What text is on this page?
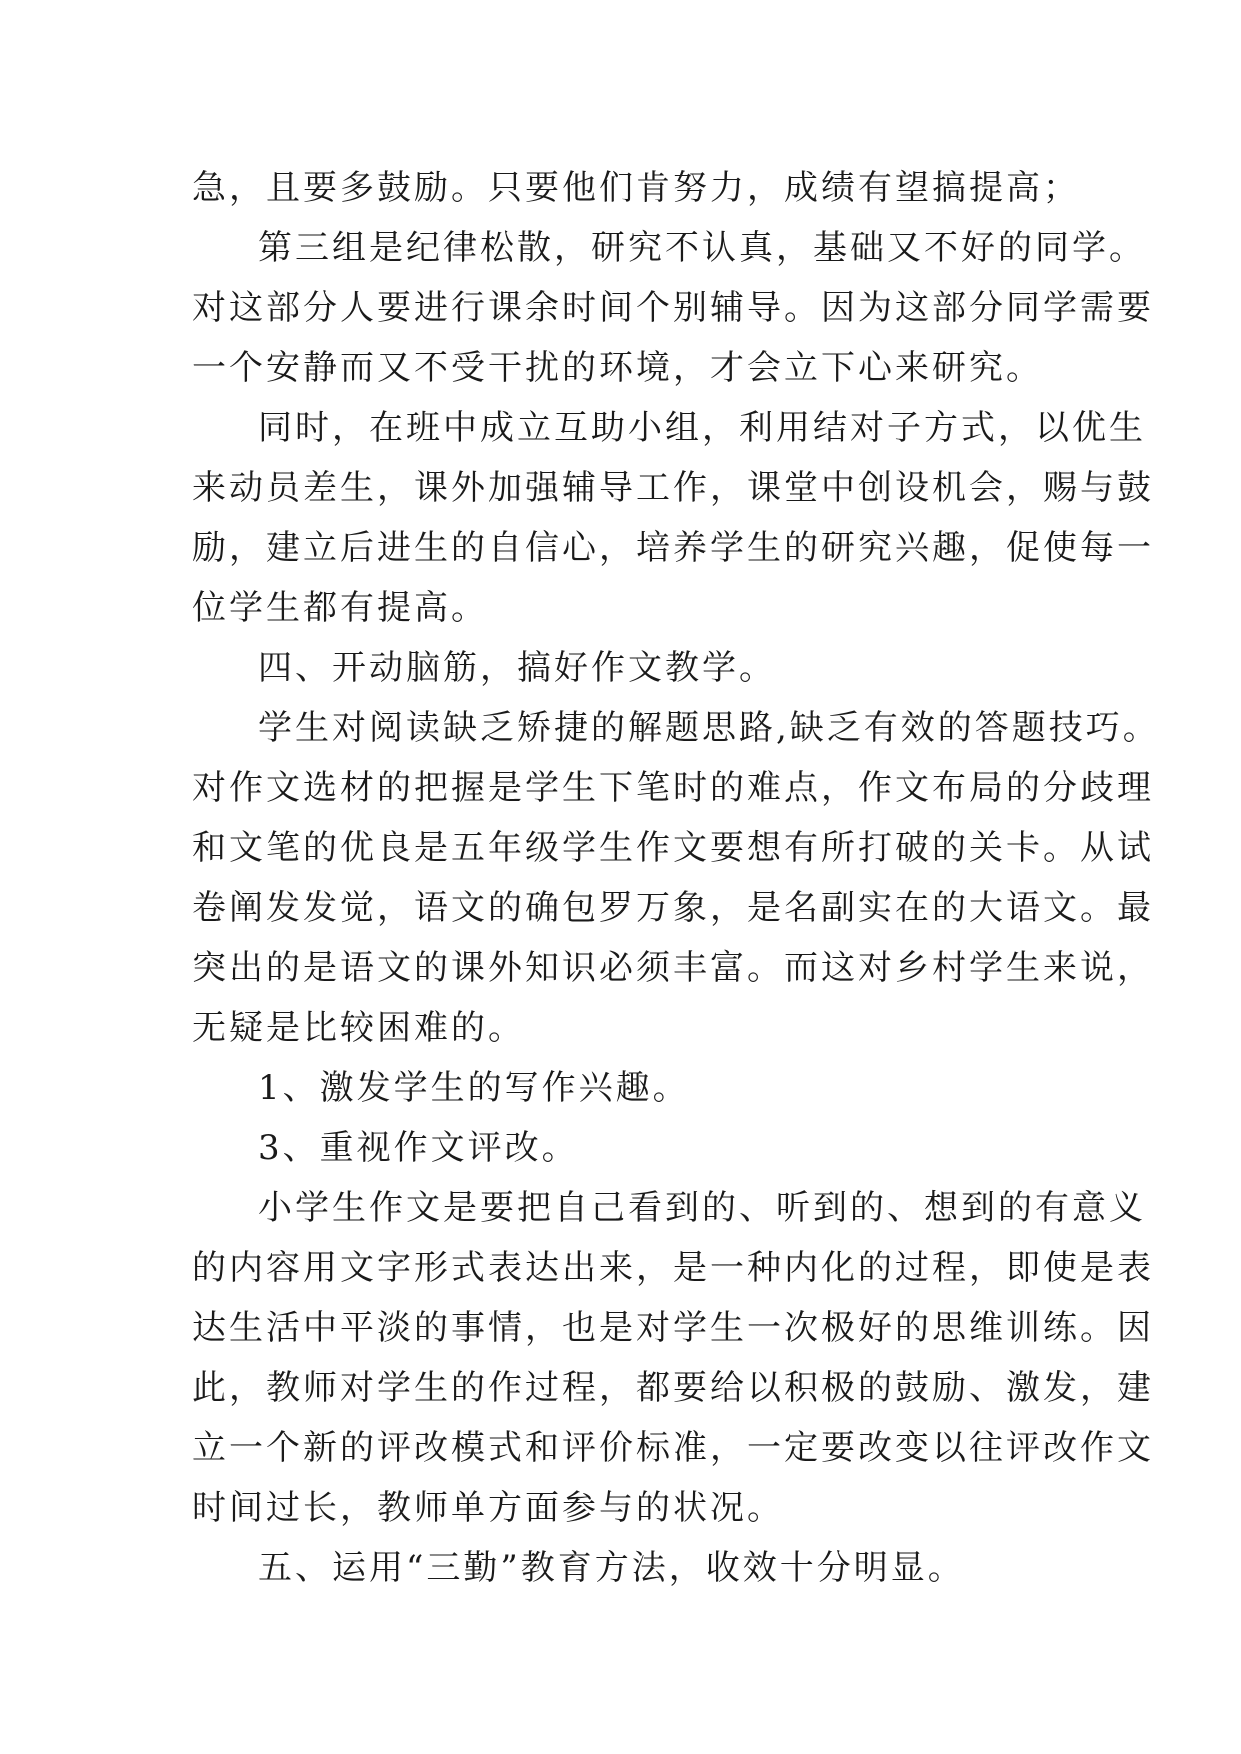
急，且要多鼓励。只要他们肯努力，成绩有望搞提高；
第三组是纪律松散，研究不认真，基础又不好的同学。
对这部分人要进行课余时间个别辅导。因为这部分同学需要
一个安静而又不受干扰的环境，才会立下心来研究。
同时，在班中成立互助小组，利用结对子方式，以优生
来动员差生，课外加强辅导工作，课堂中创设机会，赐与鼓
励，建立后进生的自信心，培养学生的研究兴趣，促使每一
位学生都有提高。
四、开动脑筋，搞好作文教学。
学生对阅读缺乏矫捷的解题思路,缺乏有效的答题技巧。
对作文选材的把握是学生下笔时的难点，作文布局的分歧理
和文笔的优良是五年级学生作文要想有所打破的关卡。从试
卷阐发发觉，语文的确包罗万象，是名副实在的大语文。最
突出的是语文的课外知识必须丰富。而这对乡村学生来说，
无疑是比较困难的。
1、激发学生的写作兴趣。
3、重视作文评改。
小学生作文是要把自己看到的、听到的、想到的有意义
的内容用文字形式表达出来，是一种内化的过程，即使是表
达生活中平淡的事情，也是对学生一次极好的思维训练。因
此，教师对学生的作过程，都要给以积极的鼓励、激发，建
立一个新的评改模式和评价标准，一定要改变以往评改作文
时间过长，教师单方面参与的状况。
五、运用“三勤”教育方法，收效十分明显。
